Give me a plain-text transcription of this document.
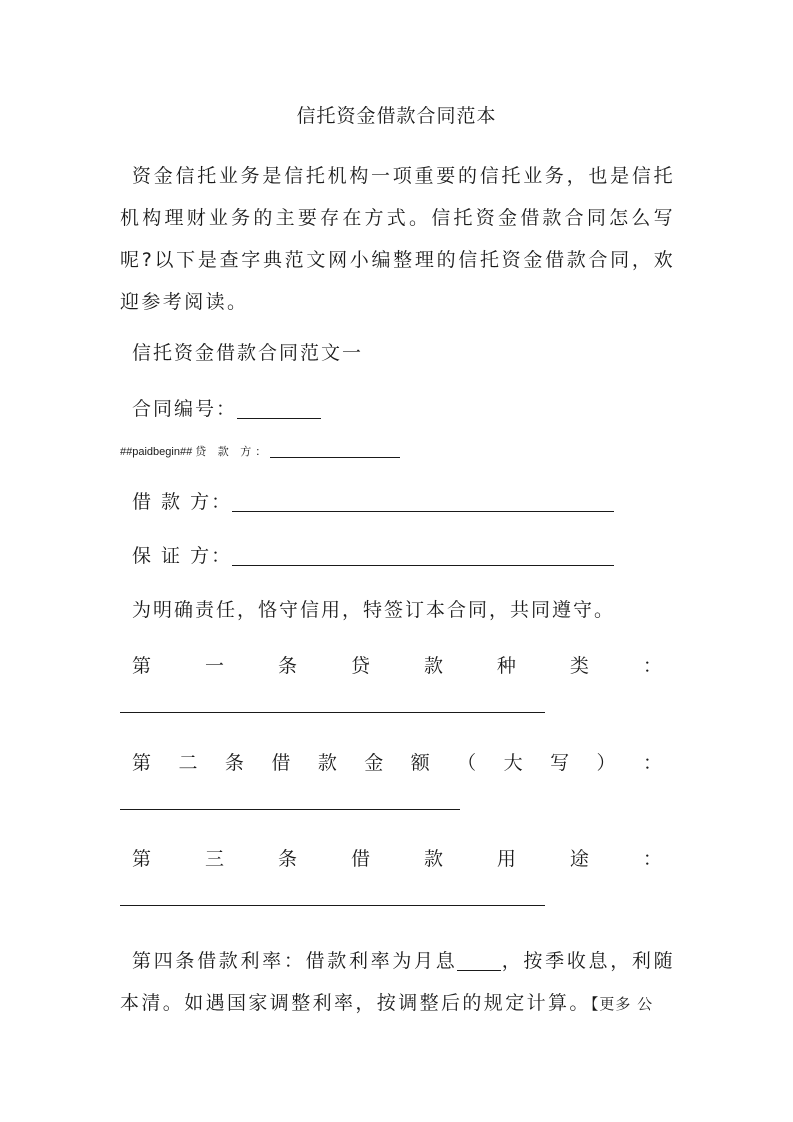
信托资金借款合同范本
资金信托业务是信托机构一项重要的信托业务，也是信托机构理财业务的主要存在方式。信托资金借款合同怎么写呢?以下是查字典范文网小编整理的信托资金借款合同，欢迎参考阅读。
信托资金借款合同范文一
合同编号：
##paidbegin## 贷 款 方：
借 款 方：
保 证 方：
为明确责任，恪守信用，特签订本合同，共同遵守。
第	一	条	贷	款	种	类	：
第 二 条 借 款 金 额 （ 大 写 ） ：
第	三	条	借	款	用	途	：
第四条借款利率：借款利率为月息 ，按季收息，利随本清。如遇国家调整利率，按调整后的规定计算。【更多 公
